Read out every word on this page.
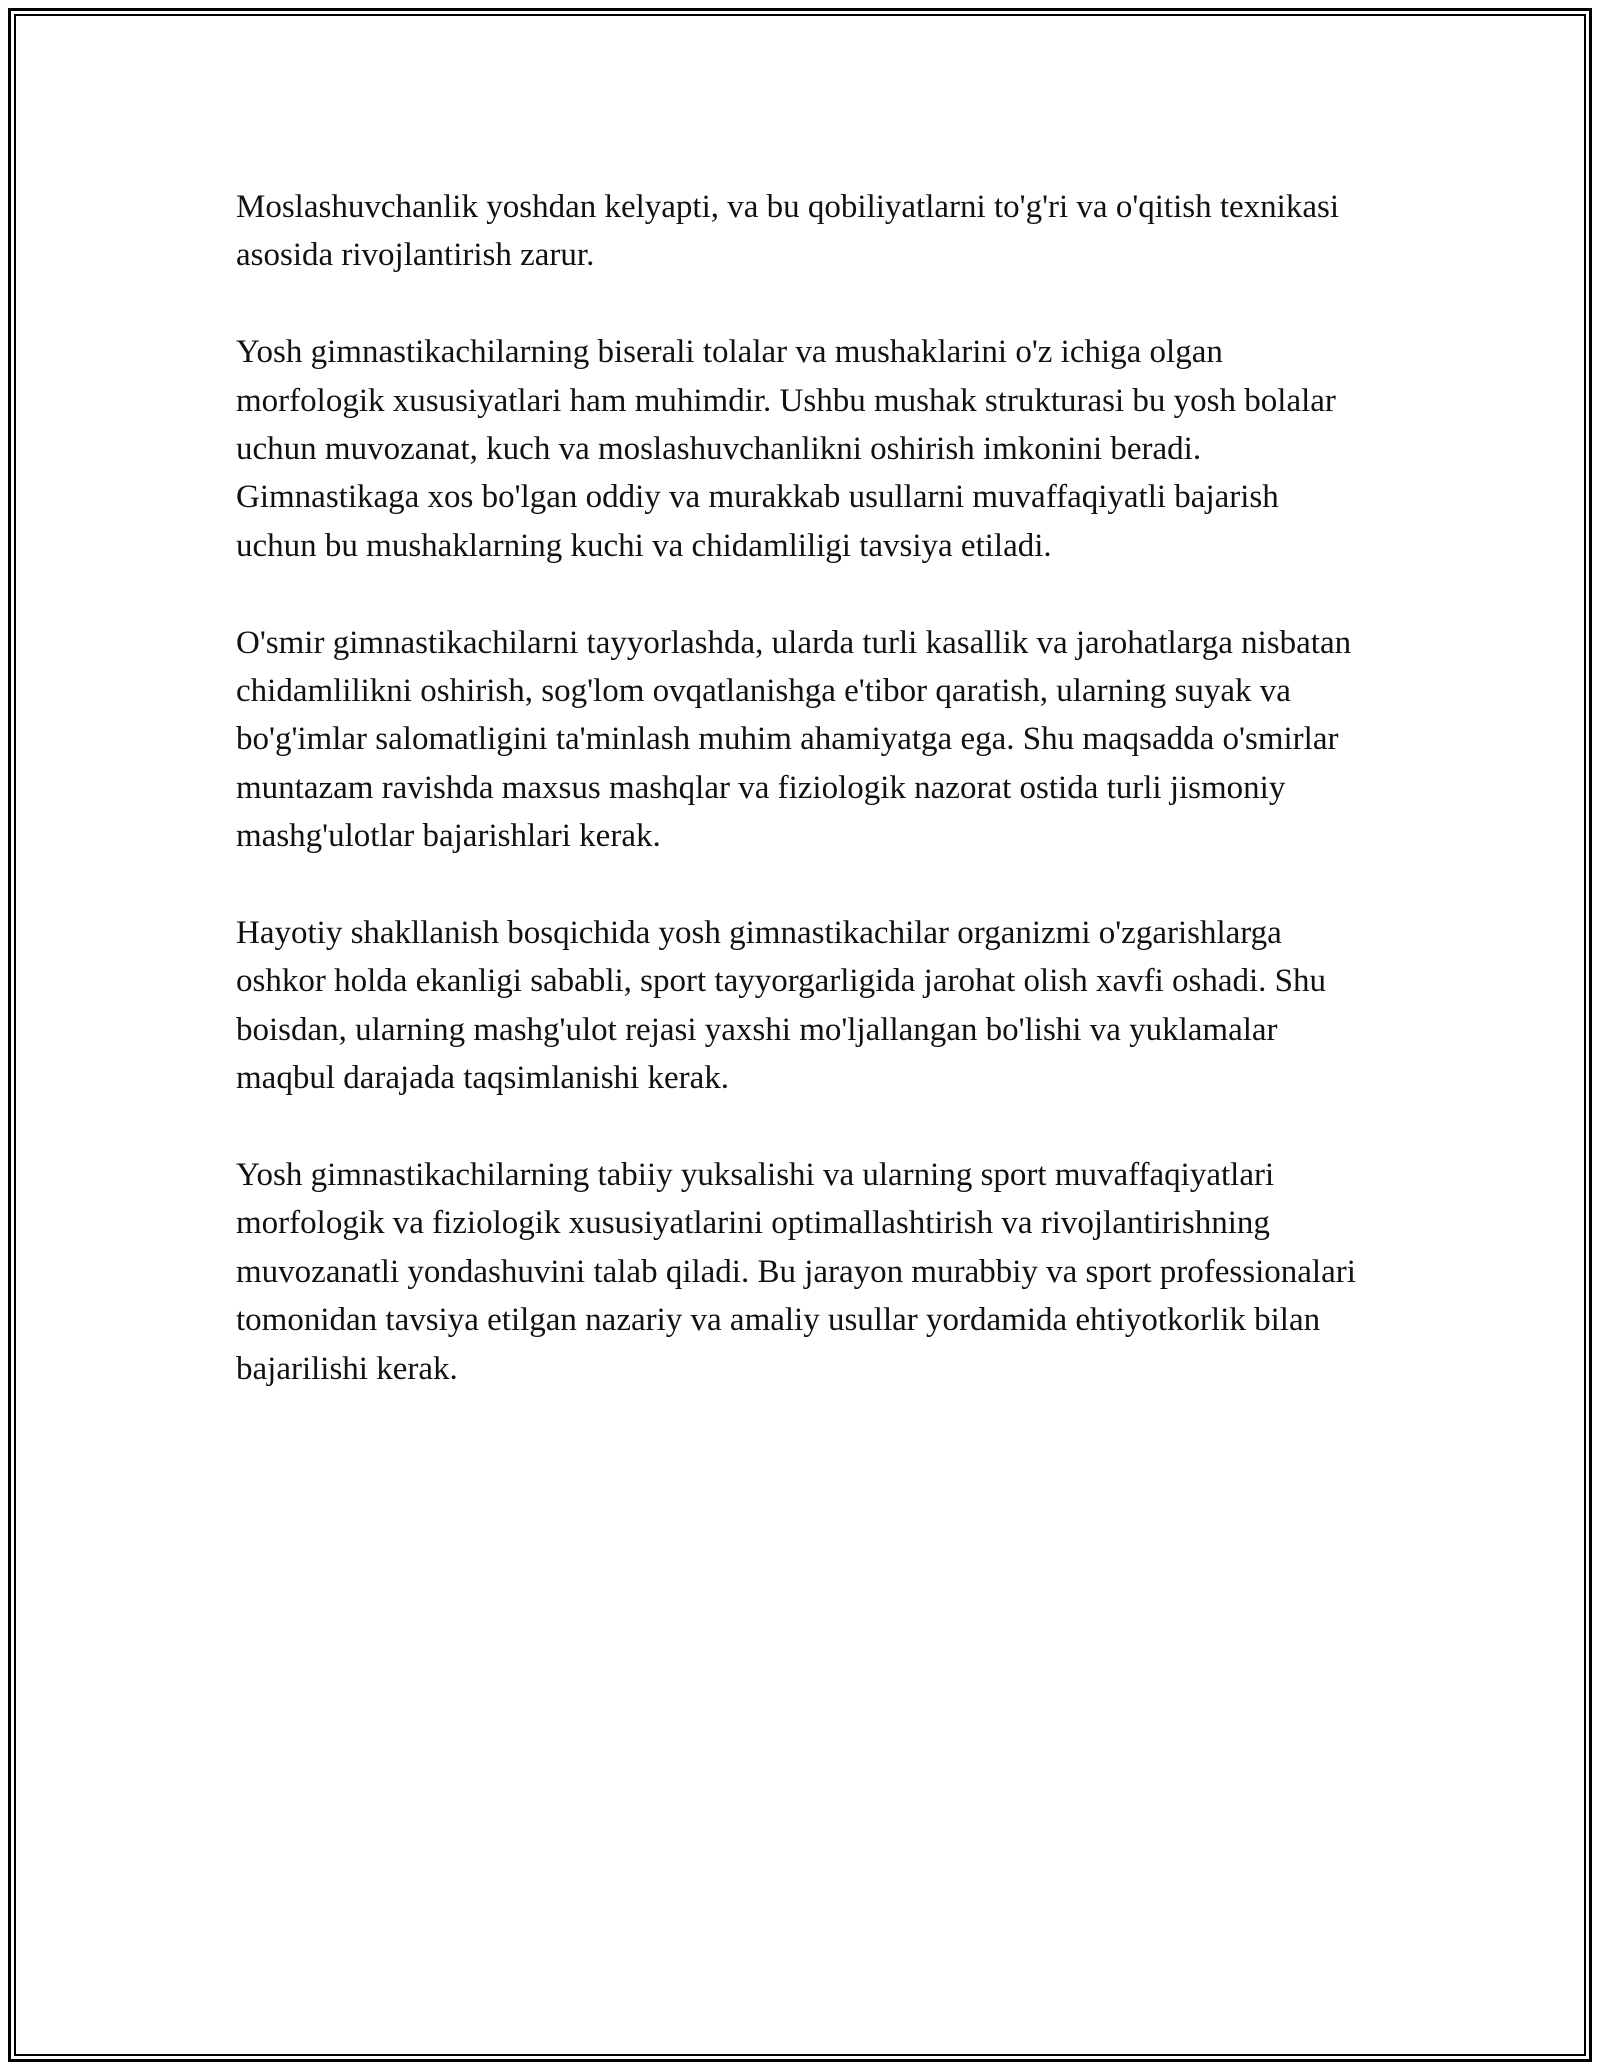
Moslashuvchanlik yoshdan kelyapti, va bu qobiliyatlarni to'g'ri va o'qitish texnikasi asosida rivojlantirish zarur.

Yosh gimnastikachilarning biserali tolalar va mushaklarini o'z ichiga olgan morfologik xususiyatlari ham muhimdir. Ushbu mushak strukturasi bu yosh bolalar uchun muvozanat, kuch va moslashuvchanlikni oshirish imkonini beradi. Gimnastikaga xos bo'lgan oddiy va murakkab usullarni muvaffaqiyatli bajarish uchun bu mushaklarning kuchi va chidamliligi tavsiya etiladi.

O'smir gimnastikachilarni tayyorlashda, ularda turli kasallik va jarohatlarga nisbatan chidamlilikni oshirish, sog'lom ovqatlanishga e'tibor qaratish, ularning suyak va bo'g'imlar salomatligini ta'minlash muhim ahamiyatga ega. Shu maqsadda o'smirlar muntazam ravishda maxsus mashqlar va fiziologik nazorat ostida turli jismoniy mashg'ulotlar bajarishlari kerak.

Hayotiy shakllanish bosqichida yosh gimnastikachilar organizmi o'zgarishlarga oshkor holda ekanligi sababli, sport tayyorgarligida jarohat olish xavfi oshadi. Shu boisdan, ularning mashg'ulot rejasi yaxshi mo'ljallangan bo'lishi va yuklamalar maqbul darajada taqsimlanishi kerak.

Yosh gimnastikachilarning tabiiy yuksalishi va ularning sport muvaffaqiyatlari morfologik va fiziologik xususiyatlarini optimallashtirish va rivojlantirishning muvozanatli yondashuvini talab qiladi. Bu jarayon murabbiy va sport professionalari tomonidan tavsiya etilgan nazariy va amaliy usullar yordamida ehtiyotkorlik bilan bajarilishi kerak.
